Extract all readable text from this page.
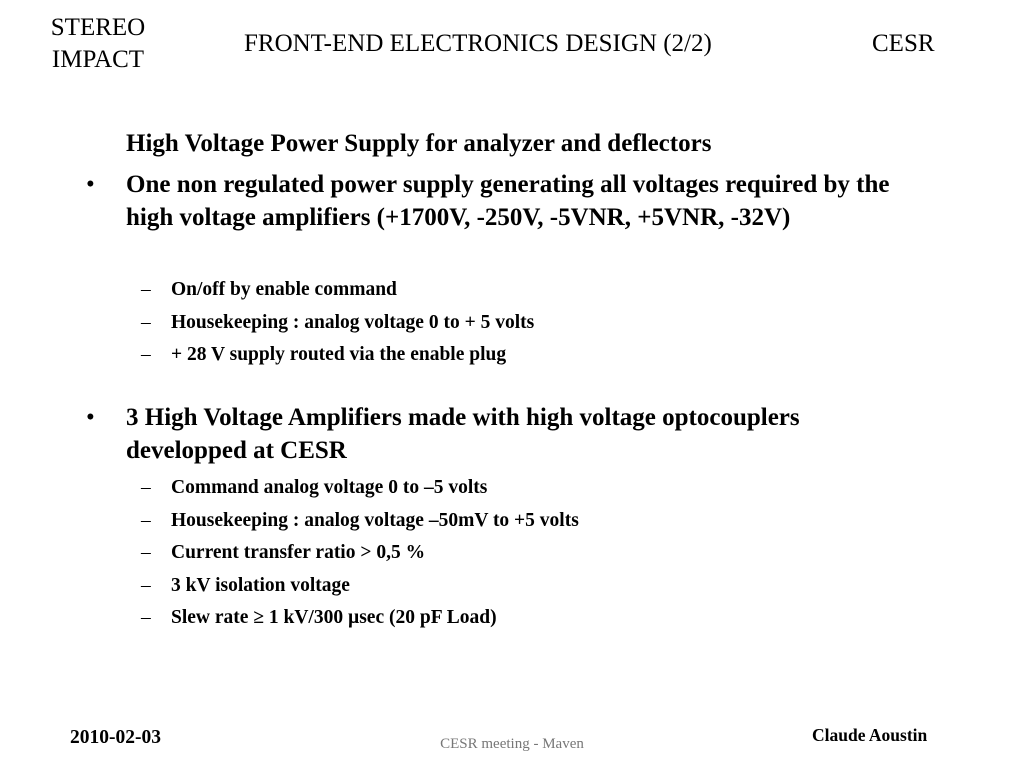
STEREO
IMPACT
FRONT-END ELECTRONICS DESIGN (2/2)	CESR
High Voltage Power Supply for analyzer and deflectors
• One non regulated power supply generating all voltages required by the high voltage amplifiers (+1700V, -250V, -5VNR, +5VNR, -32V)
– On/off by enable command
– Housekeeping : analog voltage 0 to + 5 volts
– + 28 V supply routed via the enable plug
• 3 High Voltage Amplifiers made with high voltage optocouplers developped at CESR
– Command analog voltage 0 to –5 volts
– Housekeeping : analog voltage –50mV to +5 volts
– Current transfer ratio > 0,5 %
– 3 kV isolation voltage
– Slew rate ≥ 1 kV/300 µsec (20 pF Load)
2010-02-03	CESR meeting - Maven	Claude Aoustin
